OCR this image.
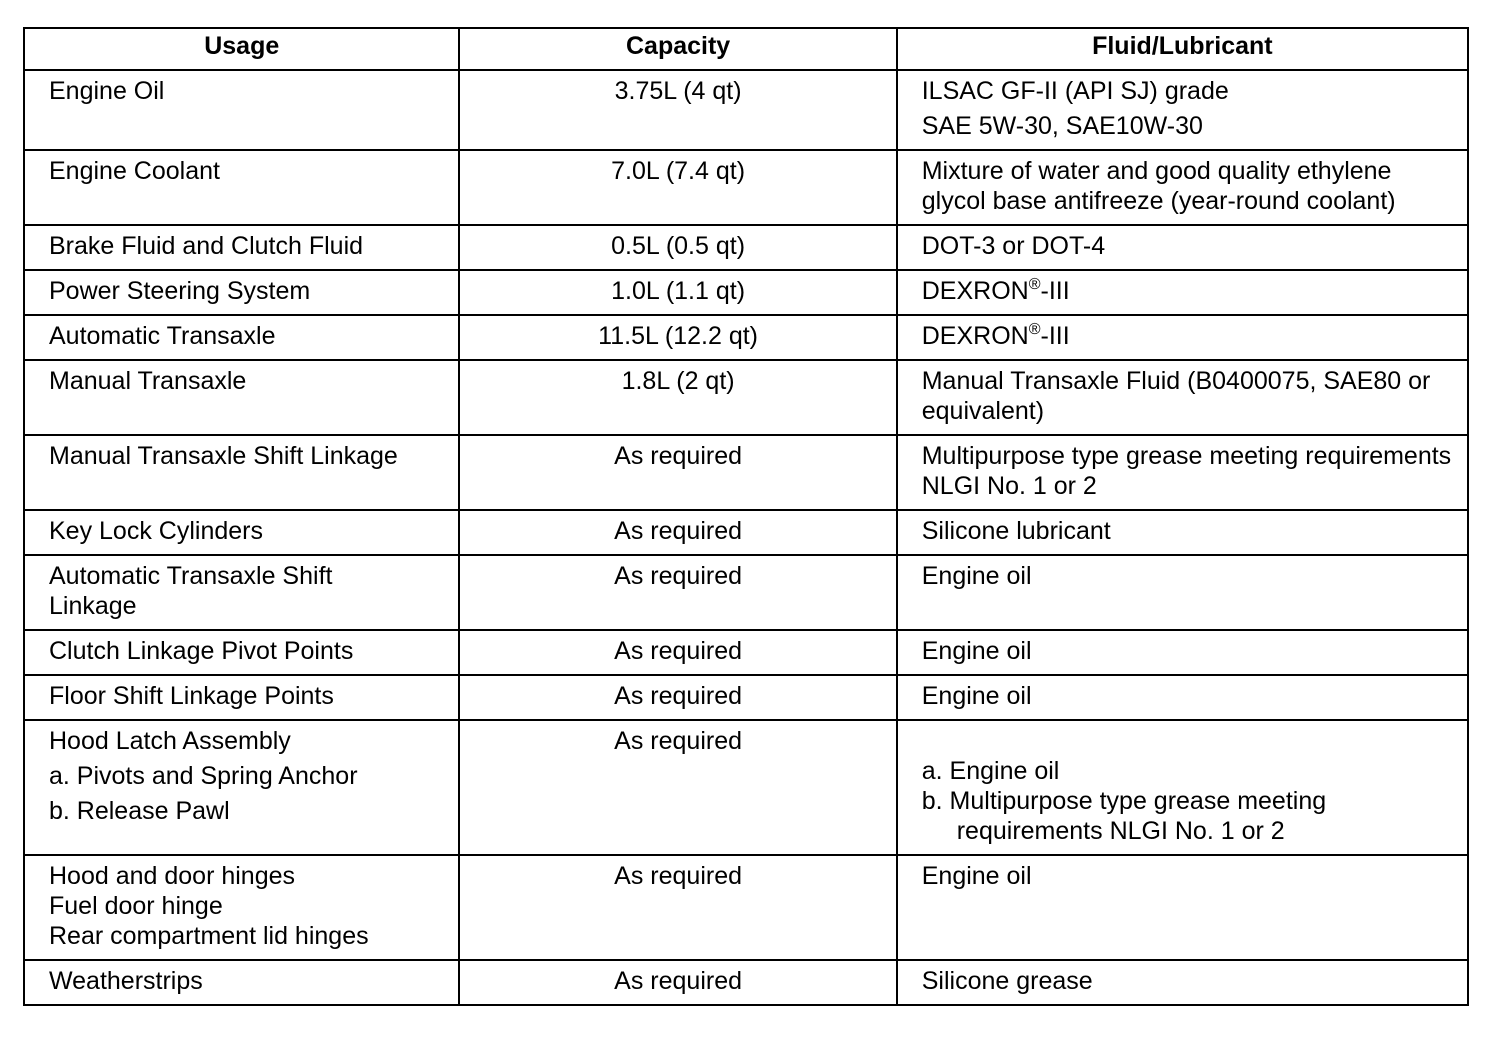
Usage	Capacity	Fluid/Lubricant

Engine Oil	3.75L (4 qt)	ILSAC GF-II (API SJ) grade
SAE 5W-30, SAE10W-30

Engine Coolant	7.0L (7.4 qt)	Mixture of water and good quality ethylene glycol base antifreeze (year-round coolant)

Brake Fluid and Clutch Fluid	0.5L (0.5 qt)	DOT-3 or DOT-4

Power Steering System	1.0L (1.1 qt)	DEXRON®-III

Automatic Transaxle	11.5L (12.2 qt)	DEXRON®-III

Manual Transaxle	1.8L (2 qt)	Manual Transaxle Fluid (B0400075, SAE80 or equivalent)

Manual Transaxle Shift Linkage	As required	Multipurpose type grease meeting requirements NLGI No. 1 or 2

Key Lock Cylinders	As required	Silicone lubricant

Automatic Transaxle Shift Linkage	As required	Engine oil

Clutch Linkage Pivot Points	As required	Engine oil

Floor Shift Linkage Points	As required	Engine oil

Hood Latch Assembly
a. Pivots and Spring Anchor
b. Release Pawl	As required	a. Engine oil
b. Multipurpose type grease meeting requirements NLGI No. 1 or 2

Hood and door hinges
Fuel door hinge
Rear compartment lid hinges	As required	Engine oil

Weatherstrips	As required	Silicone grease
